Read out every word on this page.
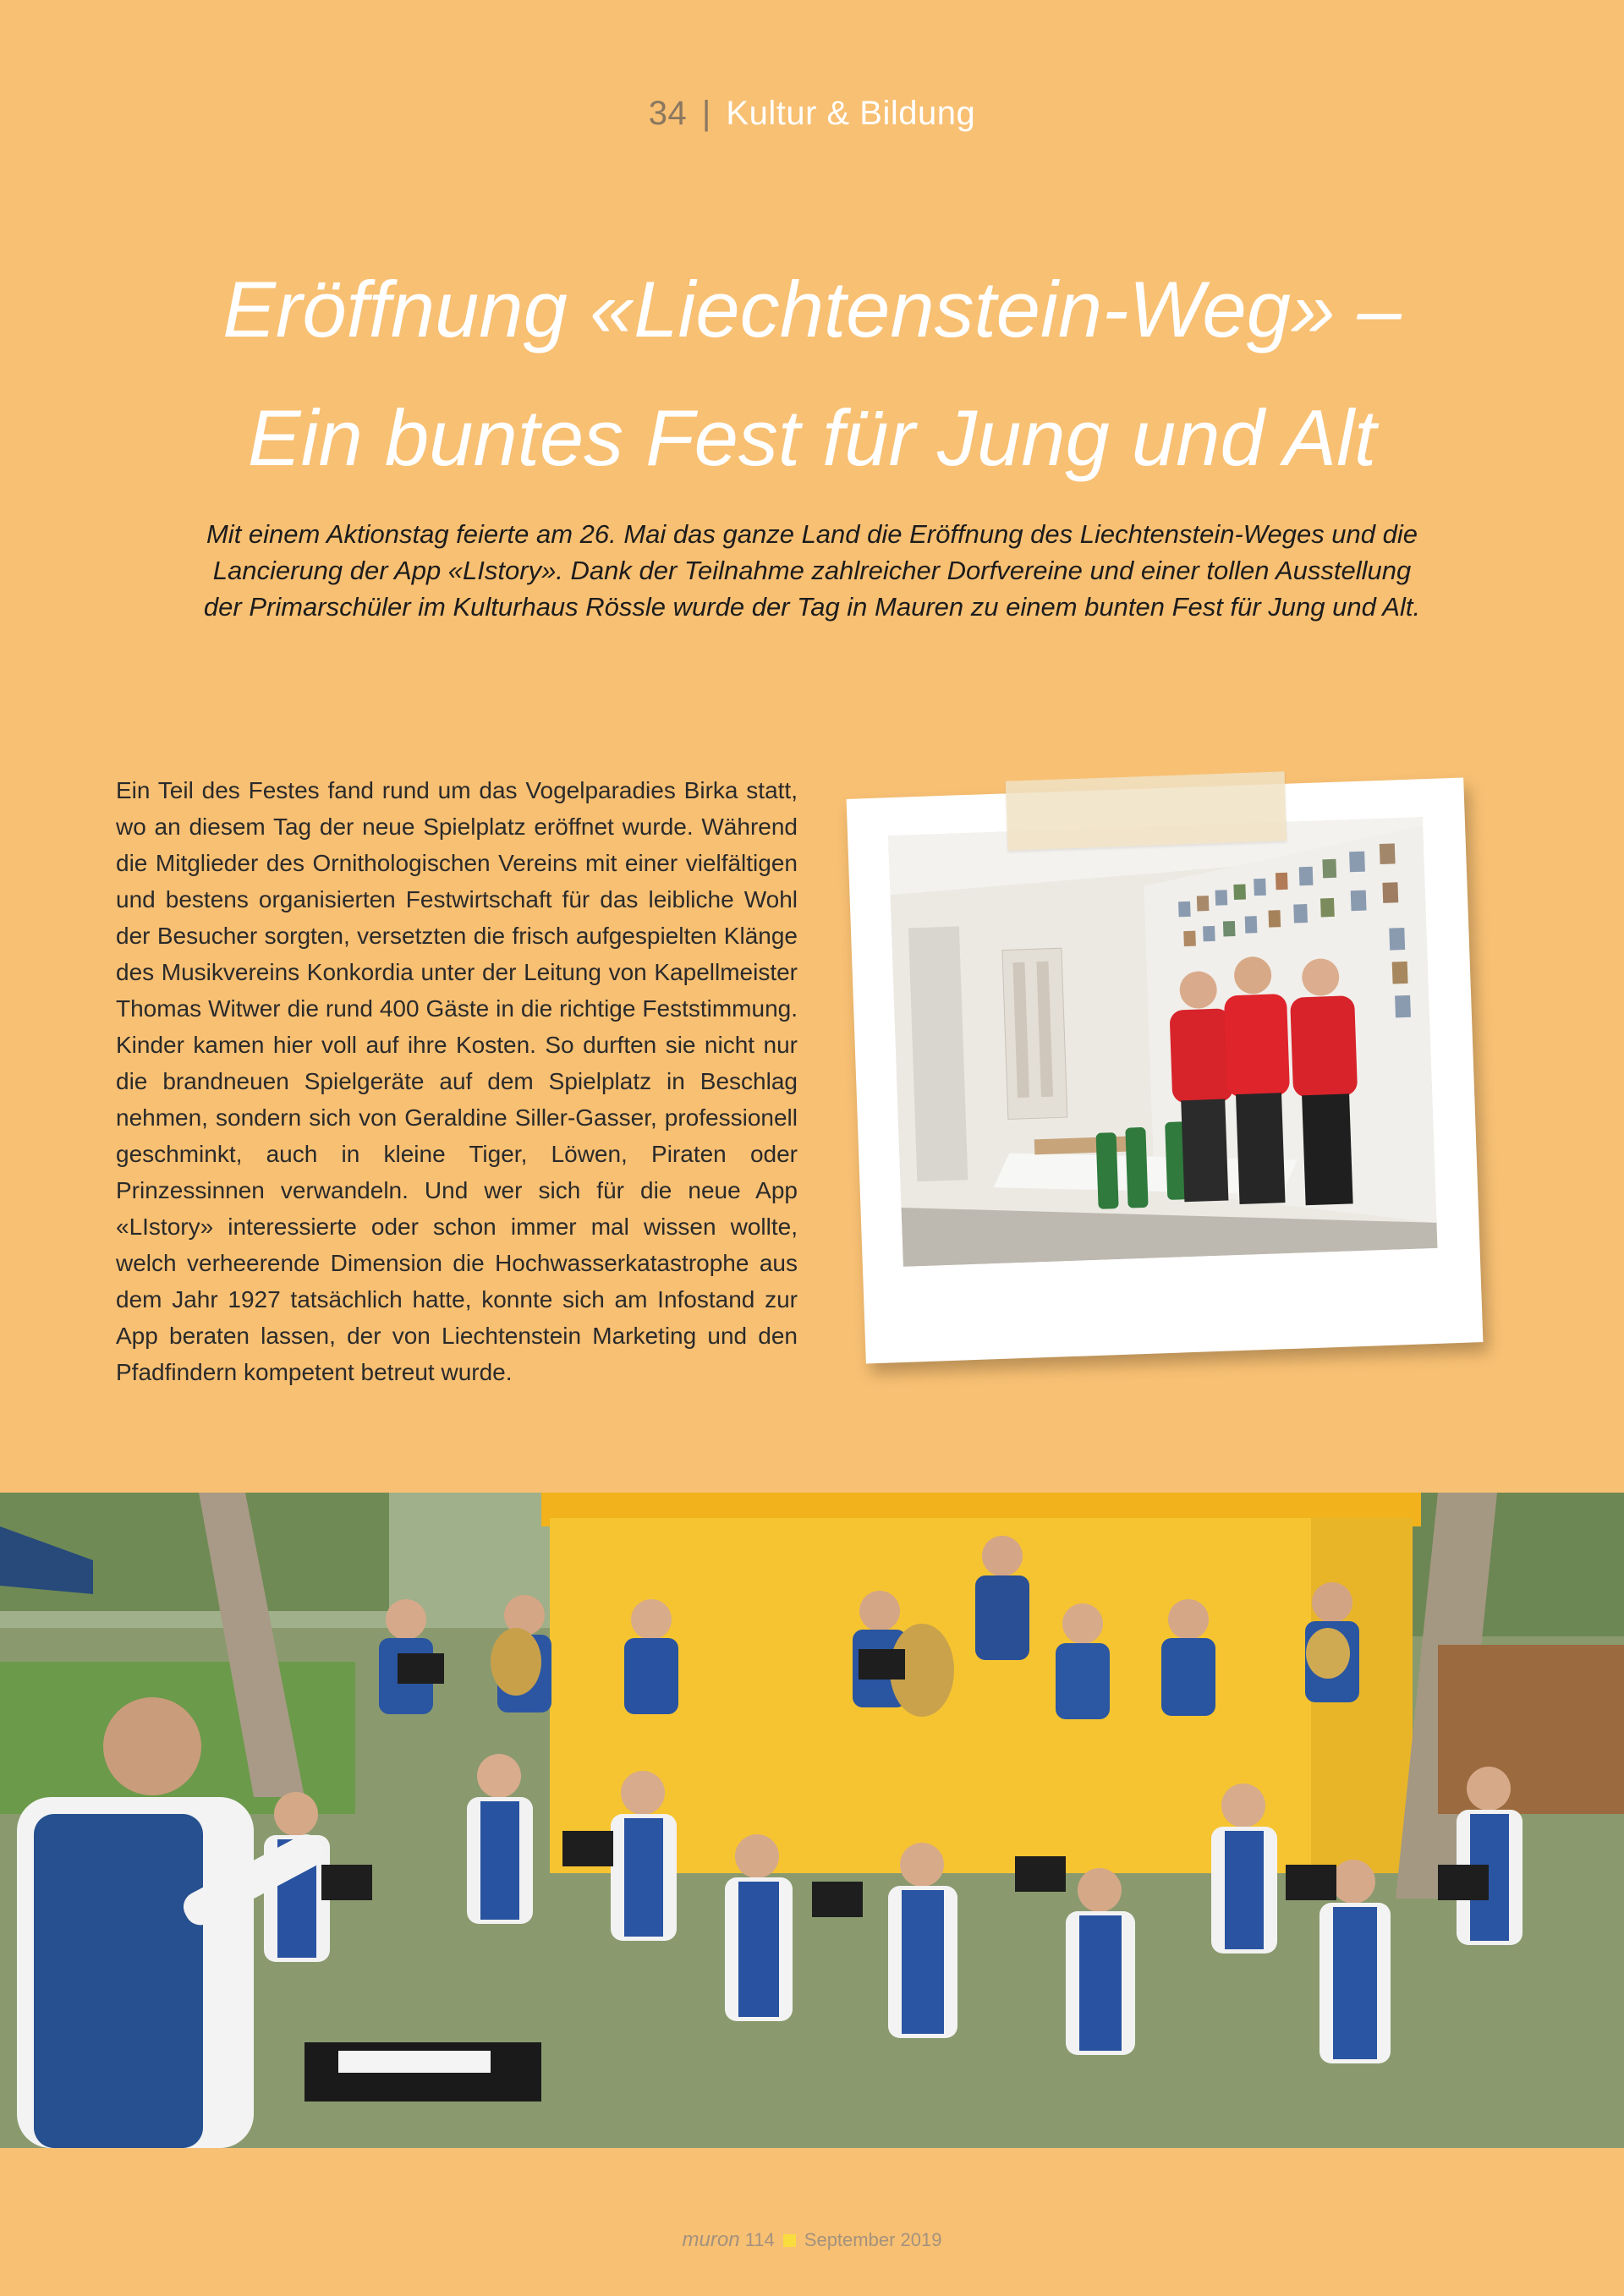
34 | Kultur & Bildung
Eröffnung «Liechtenstein-Weg» –
Ein buntes Fest für Jung und Alt
Mit einem Aktionstag feierte am 26. Mai das ganze Land die Eröffnung des Liechtenstein-Weges und die Lancierung der App «LIstory». Dank der Teilnahme zahlreicher Dorfvereine und einer tollen Ausstellung der Primarschüler im Kulturhaus Rössle wurde der Tag in Mauren zu einem bunten Fest für Jung und Alt.
Ein Teil des Festes fand rund um das Vogelparadies Birka statt, wo an diesem Tag der neue Spielplatz eröffnet wurde. Während die Mitglieder des Ornithologischen Vereins mit einer vielfältigen und bestens organisierten Festwirtschaft für das leibliche Wohl der Besucher sorgten, versetzten die frisch aufgespielten Klänge des Musikvereins Konkordia unter der Leitung von Kapellmeister Thomas Witwer die rund 400 Gäste in die richtige Feststimmung. Kinder kamen hier voll auf ihre Kosten. So durften sie nicht nur die brandneuen Spielgeräte auf dem Spielplatz in Beschlag nehmen, sondern sich von Geraldine Siller-Gasser, professionell geschminkt, auch in kleine Tiger, Löwen, Piraten oder Prinzessinnen verwandeln. Und wer sich für die neue App «LIstory» interessierte oder schon immer mal wissen wollte, welch verheerende Dimension die Hochwasserkatastrophe aus dem Jahr 1927 tatsächlich hatte, konnte sich am Infostand zur App beraten lassen, der von Liechtenstein Marketing und den Pfadfindern kompetent betreut wurde.
muron 114 September 2019
